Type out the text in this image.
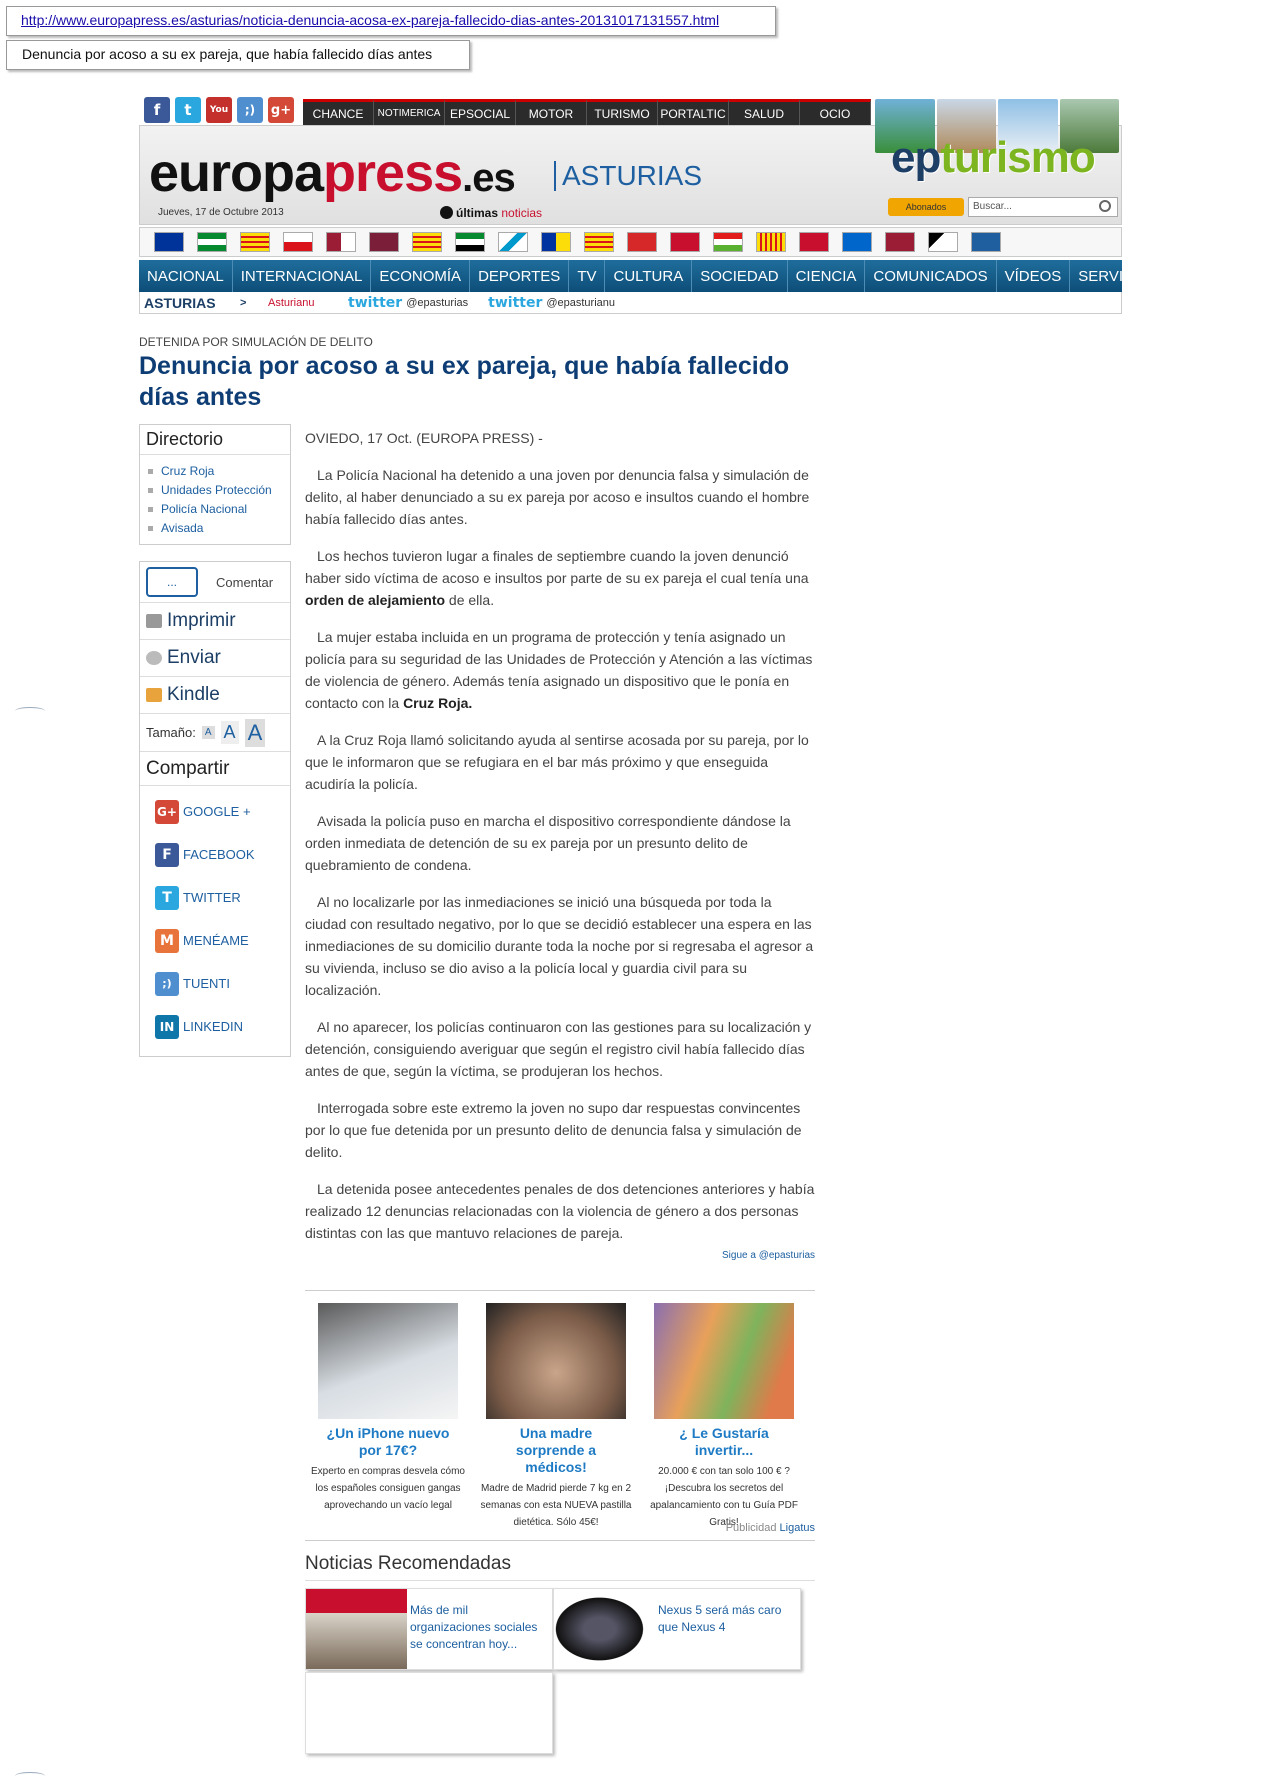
http://www.europapress.es/asturias/noticia-denuncia-acosa-ex-pareja-fallecido-dias-antes-20131017131557.html
Denuncia por acoso a su ex pareja, que había fallecido días antes
f	t	You	;)	g+	CHANCE	NOTIMERICA EPSOCIAL	MOTOR	TURISMO PORTALTIC	SALUD	OCIO
europapress.es ASTURIAS
Jueves, 17 de Octubre 2013	últimas noticias	Abonados	Buscar...
epturismo
NACIONAL	INTERNACIONAL	ECONOMÍA	DEPORTES	TV	CULTURA	SOCIEDAD	CIENCIA	COMUNICADOS	VÍDEOS	SERVICIOS
ASTURIAS	>	Asturianu	twitter @epasturias twitter @epasturianu
DETENIDA POR SIMULACIÓN DE DELITO
Denuncia por acoso a su ex pareja, que había fallecido días antes
Directorio
Cruz Roja
Unidades Protección
Policía Nacional
Avisada
...	Comentar
Imprimir
Enviar
Kindle
Tamaño: A A A
Compartir
G+ GOOGLE +
F FACEBOOK
T TWITTER
M MENÉAME
;) TUENTI
IN LINKEDIN
OVIEDO, 17 Oct. (EUROPA PRESS) -

La Policía Nacional ha detenido a una joven por denuncia falsa y simulación de delito, al haber denunciado a su ex pareja por acoso e insultos cuando el hombre había fallecido días antes.

Los hechos tuvieron lugar a finales de septiembre cuando la joven denunció haber sido víctima de acoso e insultos por parte de su ex pareja el cual tenía una orden de alejamiento de ella.

La mujer estaba incluida en un programa de protección y tenía asignado un policía para su seguridad de las Unidades de Protección y Atención a las víctimas de violencia de género. Además tenía asignado un dispositivo que le ponía en contacto con la Cruz Roja.

A la Cruz Roja llamó solicitando ayuda al sentirse acosada por su pareja, por lo que le informaron que se refugiara en el bar más próximo y que enseguida acudiría la policía.

Avisada la policía puso en marcha el dispositivo correspondiente dándose la orden inmediata de detención de su ex pareja por un presunto delito de quebramiento de condena.

Al no localizarle por las inmediaciones se inició una búsqueda por toda la ciudad con resultado negativo, por lo que se decidió establecer una espera en las inmediaciones de su domicilio durante toda la noche por si regresaba el agresor a su vivienda, incluso se dio aviso a la policía local y guardia civil para su localización.

Al no aparecer, los policías continuaron con las gestiones para su localización y detención, consiguiendo averiguar que según el registro civil había fallecido días antes de que, según la víctima, se produjeran los hechos.

Interrogada sobre este extremo la joven no supo dar respuestas convincentes por lo que fue detenida por un presunto delito de denuncia falsa y simulación de delito.

La detenida posee antecedentes penales de dos detenciones anteriores y había realizado 12 denuncias relacionadas con la violencia de género a dos personas distintas con las que mantuvo relaciones de pareja.

Sigue a @epasturias
¿Un iPhone nuevo por 17€?
Experto en compras desvela cómo los españoles consiguen gangas aprovechando un vacío legal
Una madre sorprende a médicos!
Madre de Madrid pierde 7 kg en 2 semanas con esta NUEVA pastilla dietética. Sólo 45€!
¿ Le Gustaría invertir...
20.000 € con tan solo 100 € ? ¡Descubra los secretos del apalancamiento con tu Guía PDF Gratis!
Publicidad Ligatus
Noticias Recomendadas
Más de mil organizaciones sociales se concentran hoy...
Nexus 5 será más caro que Nexus 4
